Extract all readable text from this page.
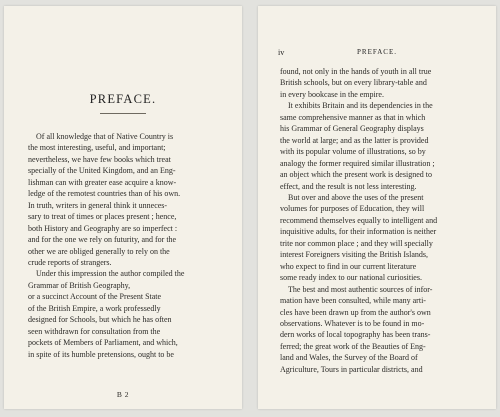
PREFACE.
Of all knowledge that of Native Country is
the most interesting, useful, and important;
nevertheless, we have few books which treat
specially of the United Kingdom, and an Eng-
lishman can with greater ease acquire a know-
ledge of the remotest countries than of his own.
In truth, writers in general think it unneces-
sary to treat of times or places present ; hence,
both History and Geography are so imperfect :
and for the one we rely on futurity, and for the
other we are obliged generally to rely on the
crude reports of strangers.
Under this impression the author compiled the
Grammar of British Geography,
or a succinct Account of the Present State
of the British Empire, a work professedly
designed for Schools, but which he has often
seen withdrawn for consultation from the
pockets of Members of Parliament, and which,
in spite of its humble pretensions, ought to be
B 2
iv	PREFACE.
found, not only in the hands of youth in all true
British schools, but on every library-table and
in every bookcase in the empire.
It exhibits Britain and its dependencies in the
same comprehensive manner as that in which
his Grammar of General Geography displays
the world at large; and as the latter is provided
with its popular volume of illustrations, so by
analogy the former required similar illustration ;
an object which the present work is designed to
effect, and the result is not less interesting.
But over and above the uses of the present
volumes for purposes of Education, they will
recommend themselves equally to intelligent and
inquisitive adults, for their information is neither
trite nor common place ; and they will specially
interest Foreigners visiting the British Islands,
who expect to find in our current literature
some ready index to our national curiosities.
The best and most authentic sources of infor-
mation have been consulted, while many arti-
cles have been drawn up from the author's own
observations. Whatever is to be found in mo-
dern works of local topography has been trans-
ferred; the great work of the Beauties of Eng-
land and Wales, the Survey of the Board of
Agriculture, Tours in particular districts, and
